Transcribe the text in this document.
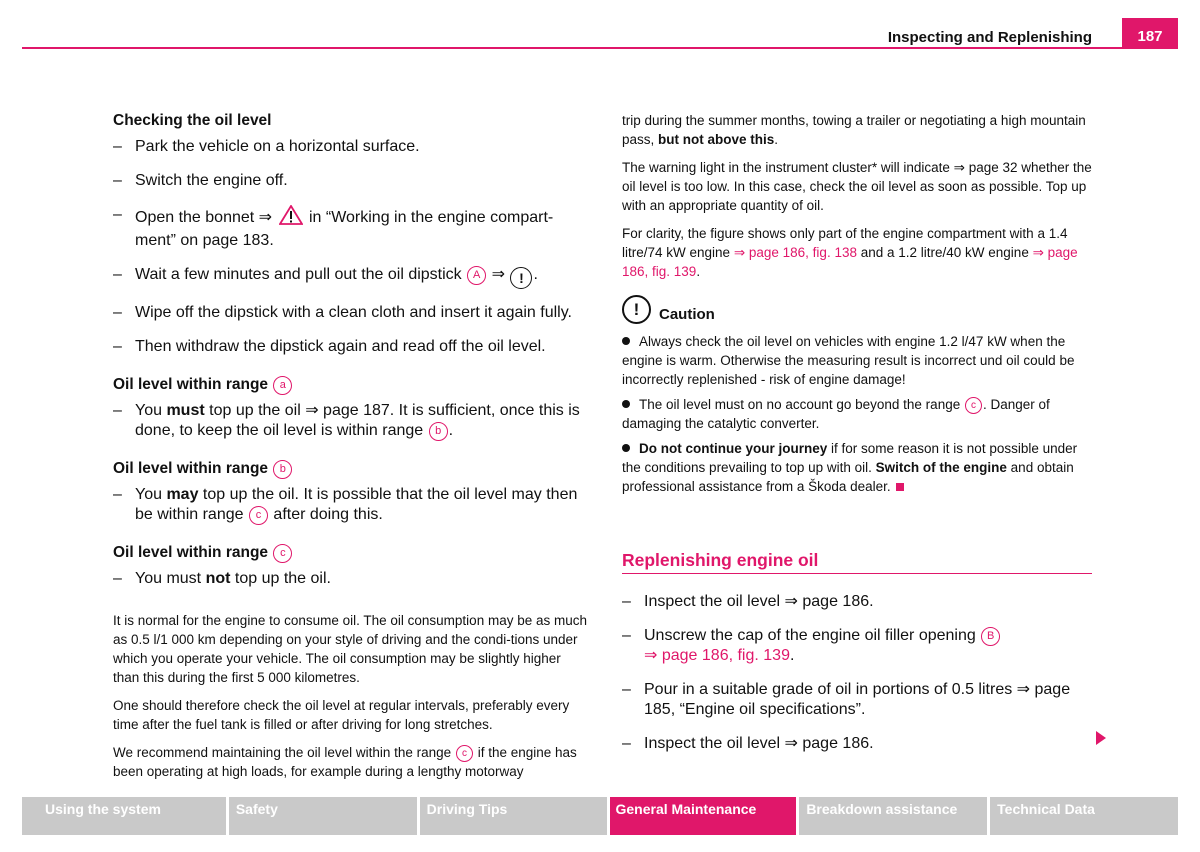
Inspecting and Replenishing	187
Checking the oil level
– Park the vehicle on a horizontal surface.
– Switch the engine off.
– Open the bonnet ⇒ in “Working in the engine compart-ment” on page 183.
– Wait a few minutes and pull out the oil dipstick A ⇒ ! .
– Wipe off the dipstick with a clean cloth and insert it again fully.
– Then withdraw the dipstick again and read off the oil level.
Oil level within range a
– You must top up the oil ⇒ page 187. It is sufficient, once this is done, to keep the oil level is within range b .
Oil level within range b
– You may top up the oil. It is possible that the oil level may then be within range c after doing this.
Oil level within range c
– You must not top up the oil.

It is normal for the engine to consume oil. The oil consumption may be as much as 0.5 l/1 000 km depending on your style of driving and the condi-tions under which you operate your vehicle. The oil consumption may be slightly higher than this during the first 5 000 kilometres.

One should therefore check the oil level at regular intervals, preferably every time after the fuel tank is filled or after driving for long stretches.

We recommend maintaining the oil level within the range c if the engine has been operating at high loads, for example during a lengthy motorway

trip during the summer months, towing a trailer or negotiating a high mountain pass, but not above this.

The warning light in the instrument cluster* will indicate ⇒ page 32 whether the oil level is too low. In this case, check the oil level as soon as possible. Top up with an appropriate quantity of oil.

For clarity, the figure shows only part of the engine compartment with a 1.4 litre/74 kW engine ⇒ page 186, fig. 138 and a 1.2 litre/40 kW engine ⇒ page 186, fig. 139.

!	Caution

Always check the oil level on vehicles with engine 1.2 l/47 kW when the engine is warm. Otherwise the measuring result is incorrect und oil could be incorrectly replenished - risk of engine damage!

The oil level must on no account go beyond the range c . Danger of damaging the catalytic converter.

Do not continue your journey if for some reason it is not possible under the conditions prevailing to top up with oil. Switch of the engine and obtain professional assistance from a Škoda dealer.

Replenishing engine oil
– Inspect the oil level ⇒ page 186.
– Unscrew the cap of the engine oil filler opening B
⇒ page 186, fig. 139.
– Pour in a suitable grade of oil in portions of 0.5 litres ⇒ page 185, “Engine oil specifications”.
– Inspect the oil level ⇒ page 186.
Using the system	Safety	Driving Tips	General Maintenance	Breakdown assistance	Technical Data
